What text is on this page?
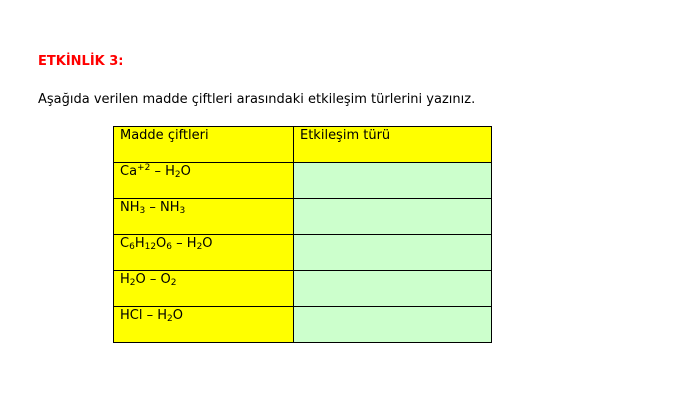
ETKİNLİK 3:
Aşağıda verilen madde çiftleri arasındaki etkileşim türlerini yazınız.
Madde çiftleri	Etkileşim türü
$Ca^{+2} - H_2O$	
$NH_3 - NH_3$	
$C_6H_{12}O_6 - H_2O$	
$H_2O - O_2$	
HCl – $H_2O$	
